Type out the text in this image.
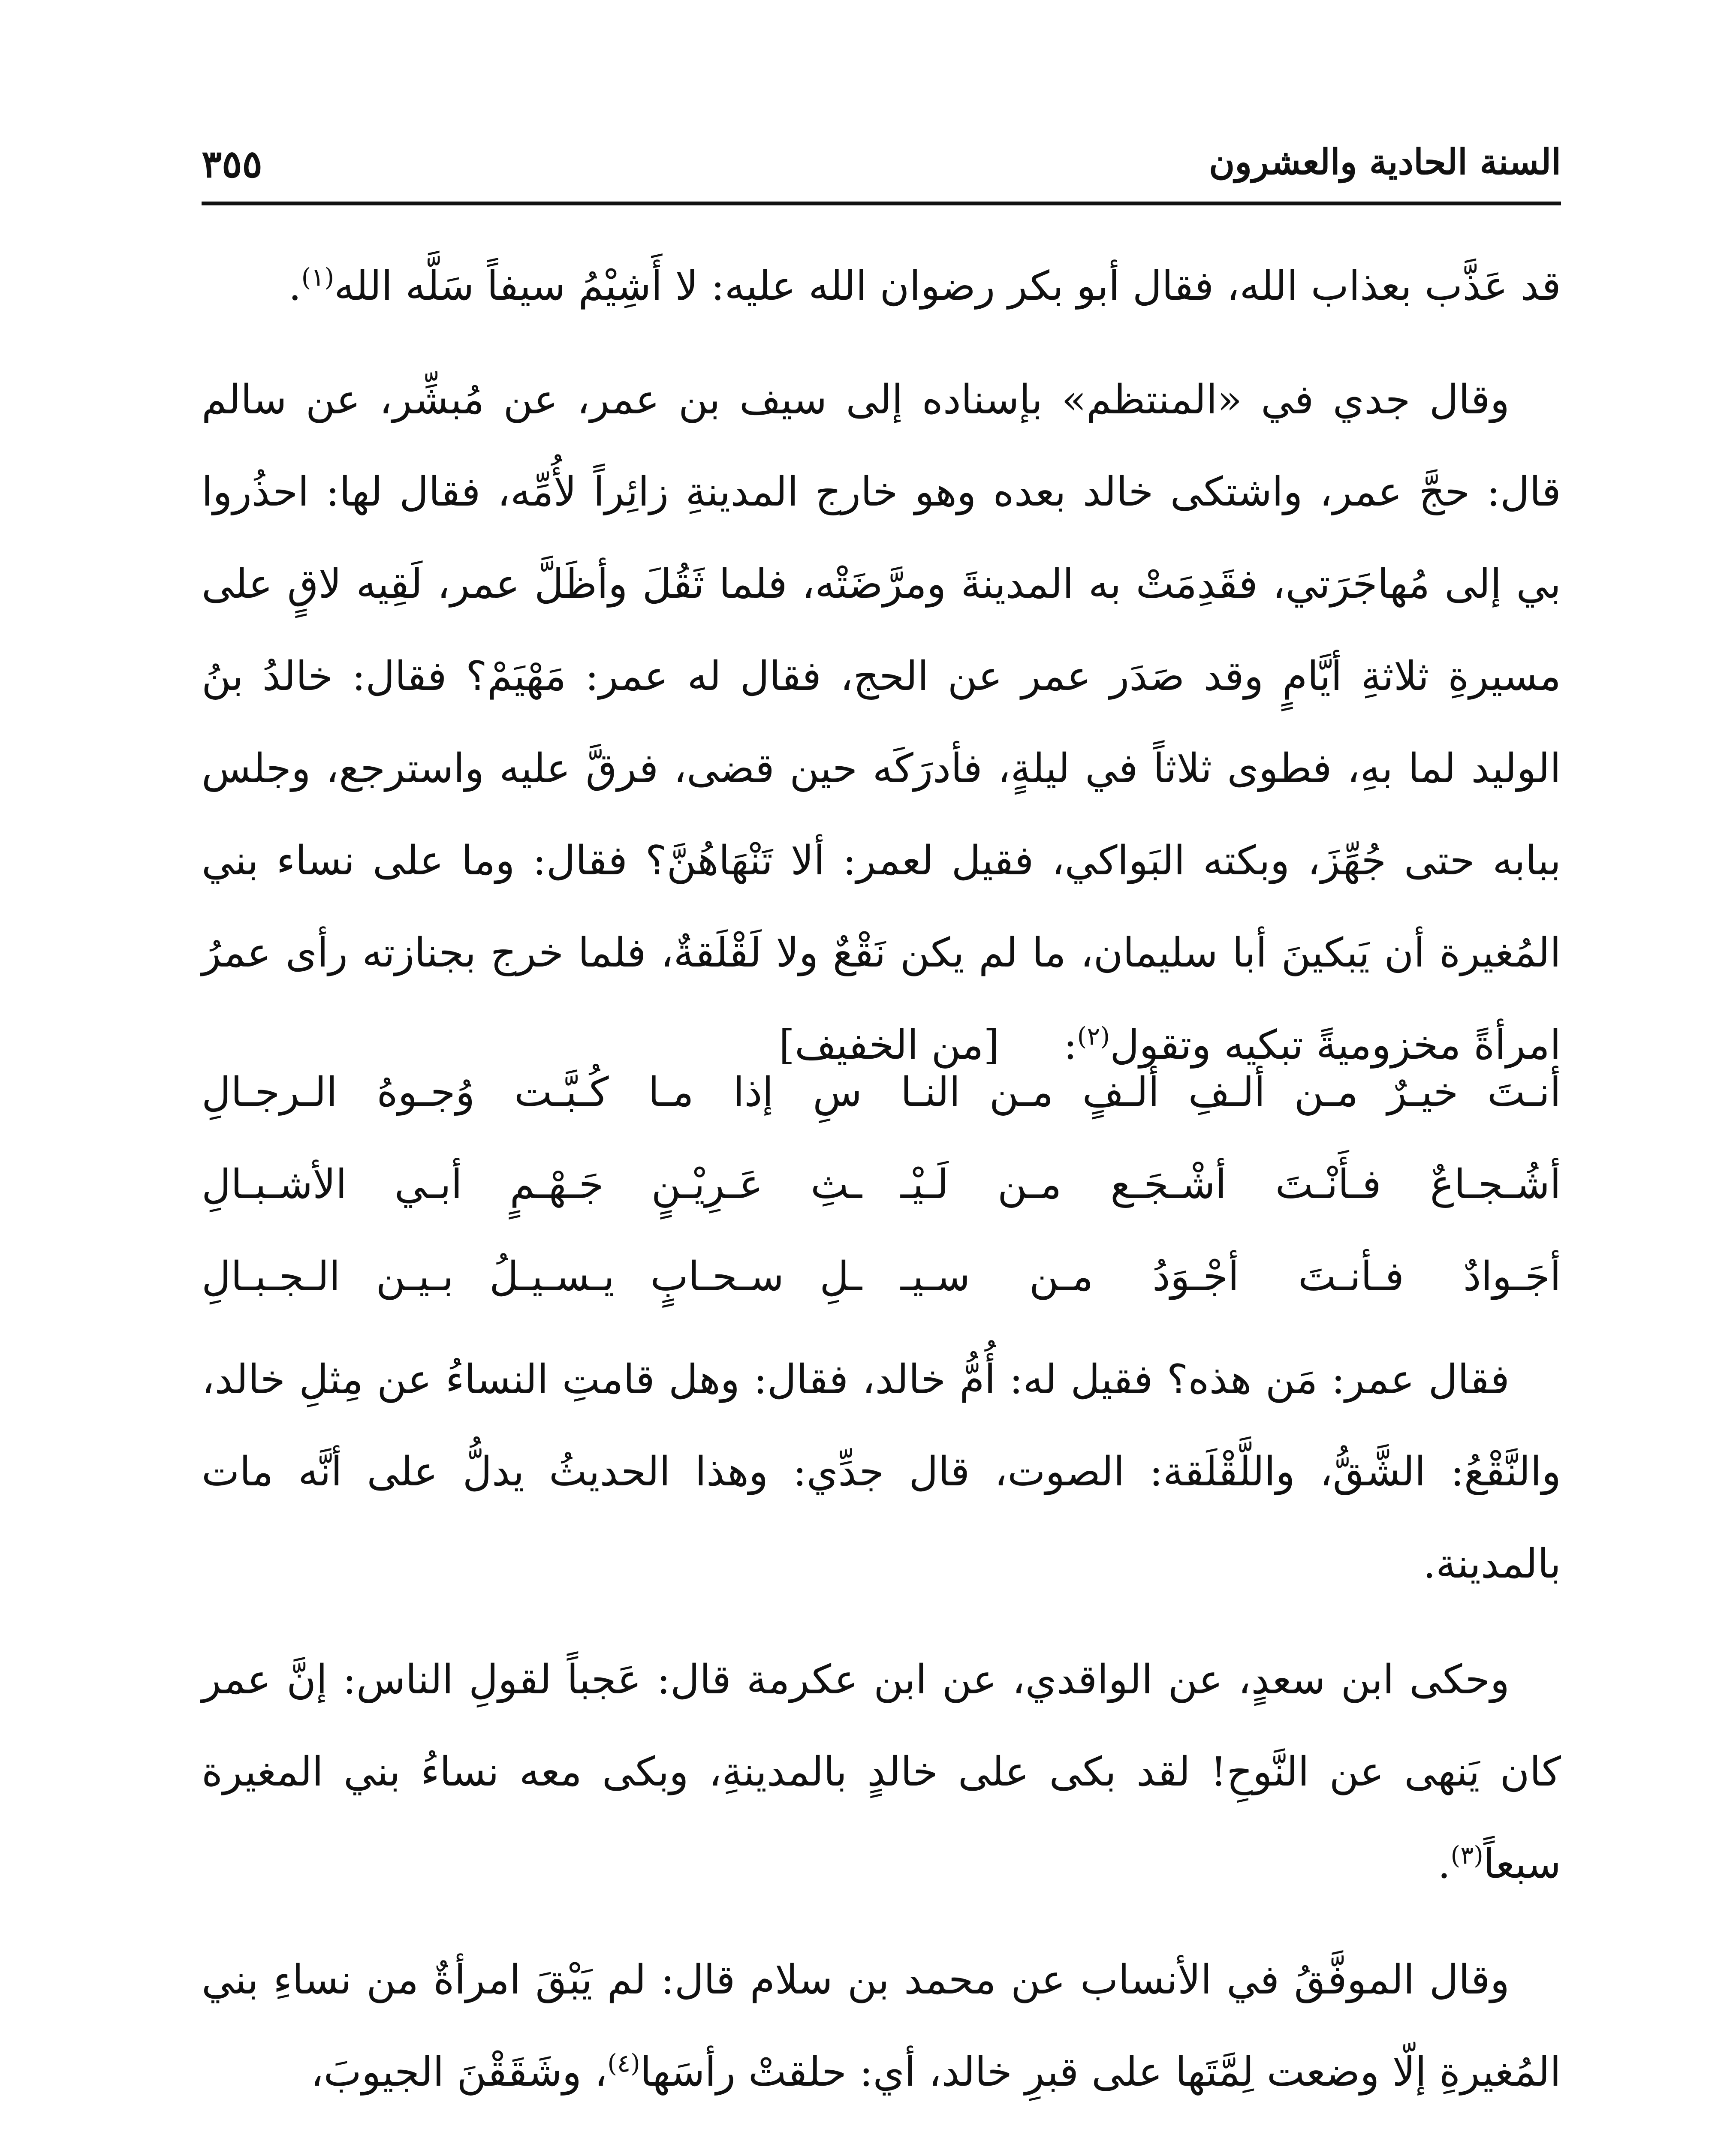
٣٥٥	السنة الحادية والعشرون

قد عَذَّب بعذاب الله، فقال أبو بكر رضوان الله عليه: لا أَشِيْمُ سيفاً سَلَّه الله$^{(١)}$.

وقال جدي في «المنتظم» بإسناده إلى سيف بن عمر، عن مُبشِّر، عن سالم قال: حجَّ عمر، واشتكى خالد بعده وهو خارج المدينةِ زائِراً لأُمِّه، فقال لها: احذُروا بي إلى مُهاجَرَتي، فقَدِمَتْ به المدينةَ ومرَّضَتْه، فلما ثَقُلَ وأظَلَّ عمر، لَقِيه لاقٍ على مسيرةِ ثلاثةِ أيَّامٍ وقد صَدَر عمر عن الحج، فقال له عمر: مَهْيَمْ؟ فقال: خالدُ بنُ الوليد لما بهِ، فطوى ثلاثاً في ليلةٍ، فأدرَكَه حين قضى، فرقَّ عليه واسترجع، وجلس ببابه حتى جُهِّزَ، وبكته البَواكي، فقيل لعمر: ألا تَنْهَاهُنَّ؟ فقال: وما على نساء بني المُغيرة أن يَبكينَ أبا سليمان، ما لم يكن نَقْعٌ ولا لَقْلَقةٌ، فلما خرج بجنازته رأى عمرُ امرأةً مخزوميةً تبكيه وتقول$^{(٢)}$: [من الخفيف]

أنـتَ خيـرٌ مـن ألـفِ ألـفٍ مـن النـا
سِ إذا مـا كُـبَّـت وُجـوهُ الـرجـالِ
أشُـجـاعٌ فـأَنْـتَ أشْـجَـع مـن لَـيْـ
ـثِ عَـرِيْـنٍ جَـهْـمٍ أبـي الأشـبـالِ
أجَـوادٌ فـأنـتَ أجْـوَدُ مـن سـيـ
ـلِ سـحـابٍ يـسـيـلُ بـيـن الـجـبـالِ

فقال عمر: مَن هذه؟ فقيل له: أُمُّ خالد، فقال: وهل قامتِ النساءُ عن مِثلِ خالد، والنَّقْعُ: الشَّقُّ، واللَّقْلَقة: الصوت، قال جدِّي: وهذا الحديثُ يدلُّ على أنَّه مات بالمدينة.

وحكى ابن سعدٍ، عن الواقدي، عن ابن عكرمة قال: عَجباً لقولِ الناس: إنَّ عمر كان يَنهى عن النَّوحِ! لقد بكى على خالدٍ بالمدينةِ، وبكى معه نساءُ بني المغيرة سبعاً$^{(٣)}$.

وقال الموفَّقُ في الأنساب عن محمد بن سلام قال: لم يَبْقَ امرأةٌ من نساءِ بني المُغيرةِ إلّا وضعت لِمَّتَها على قبرِ خالد، أي: حلقتْ رأسَها$^{(٤)}$، وشَقَقْنَ الجيوبَ،
